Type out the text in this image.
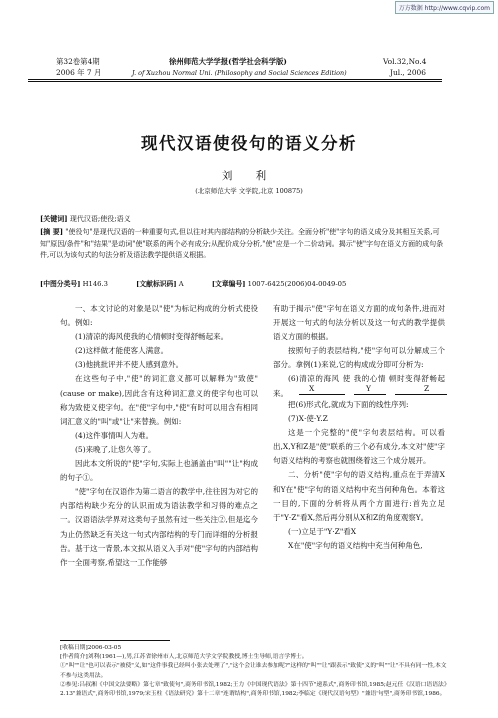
万方数据 http://www.cqvip.com
第32卷第4期
2006 年 7 月
徐州师范大学学报(哲学社会科学版)
J. of Xuzhou Normal Uni. (Philosophy and Social Sciences Edition)
Vol.32,No.4
Jul., 2006
现代汉语使役句的语义分析
刘 利
(北京师范大学 文学院,北京 100875)
[关键词] 现代汉语;使役;语义
[摘 要] "使役句"是现代汉语的一种重要句式,但以往对其内部结构的分析缺少关注。全面分析"使"字句的语义成分及其相互关系,可知"原因/条件"和"结果"是动词"使"联系的两个必有成分;从配价成分分析,"使"应是一个二价动词。揭示"使"字句在语义方面的成句条件,可以为该句式的句法分析及语法教学提供语义根据。
[中图分类号] H146.3	[文献标识码] A	[文章编号] 1007-6425(2006)04-0049-05

一、本文讨论的对象是以"使"为标记构成的分析式使役句。例如:

(1)清凉的海风使我的心情顿时变得舒畅起来。

(2)这样做才能使客人满意。

(3)他挑批评并不使人感到意外。

在这些句子中,"使"的词汇意义都可以解释为"致使"(cause or make),因此含有这种词汇意义的使字句也可以称为致使义使字句。在"使"字句中,"使"有时可以用含有相同词汇意义的"叫"或"让"来替换。例如:

(4)这件事情叫人为难。

(5)来晚了,让您久等了。

因此本文所说的"使"字句,实际上也涵盖由"叫""让"构成的句子①。

"使"字句在汉语作为第二语言的教学中,往往因为对它的内部结构缺少充分的认识而成为语法教学和习得的难点之一。汉语语法学界对这类句子虽然有过一些关注②,但是迄今为止仍然缺乏有关这一句式内部结构的专门而详细的分析报告。基于这一背景,本文拟从语义入手对"使"字句的内部结构作一全面考察,希望这一工作能够

有助于揭示"使"字句在语义方面的成句条件,进而对开展这一句式的句法分析以及这一句式的教学提供语义方面的根据。

按照句子的表层结构,"使"字句可以分解成三个部分。拿例(1)来说,它的构成成分即可分析为:

(6)清凉的海风 使 我的心情 顿时变得舒畅起来。

X	Y	Z

把(6)形式化,就成为下面的线性序列:

(7)X·使·Y.Z

这是一个完整的"使"字句表层结构。可以看出,X,Y和Z是"使"联系的三个必有成分,本文对"使"字句语义结构的考察也就围绕着这三个成分展开。

二、分析"使"字句的语义结构,重点在于弄清X和Y在"使"字句的语义结构中充当何种角色。本着这一目的,下面的分析将从两个方面进行:首先立足于"Y·Z"看X,然后再分别从X和Z的角度观察Y。

(一)立足于"Y·Z"看X

X在"使"字句的语义结构中充当何种角色,

[收稿日期]2006-03-05

[作者简介]刘利(1961—),男,江苏省徐州市人,北京师范大学文学院教授,博士生导师,语言学博士。

①"叫""让"也可以表示"被使"义,如"这件事我已经叫小张去处理了","这个会让谁去参加呢?"这样的"叫""让"跟表示"致使"义的"叫""让"不具有同一性,本文不参与这类用法。

②参见:吕叔湘《中国文法要略》第七章"致使句",商务印书馆,1982;王力《中国现代语法》第十四节"递系式",商务印书馆,1985;赵元任《汉语口语语法》2.13"兼语式",商务印书馆,1979;宋玉柱《语法研究》第十二章"连谓结构",商务印书馆,1982;李临定《现代汉语句型》"兼语'句型",商务印书馆,1986。
